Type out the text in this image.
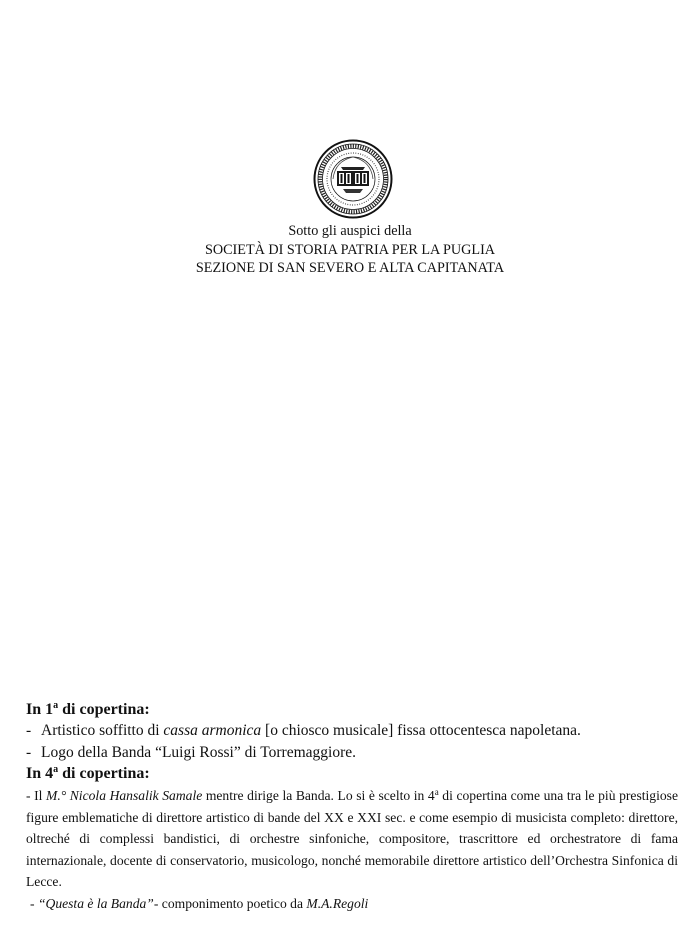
Sotto gli auspici della
SOCIETÀ DI STORIA PATRIA PER LA PUGLIA
SEZIONE DI SAN SEVERO E ALTA CAPITANATA

In 1$^a$ di copertina:

- Artistico soffitto di cassa armonica [o chiosco musicale] fissa ottocentesca napoletana.

- Logo della Banda “Luigi Rossi” di Torremaggiore.

In 4$^a$ di copertina:

- Il M.° Nicola Hansalik Samale mentre dirige la Banda. Lo si è scelto in 4$^a$ di copertina come una tra le più prestigiose figure emblematiche di direttore artistico di bande del XX e XXI sec. e come esempio di musicista completo: direttore, oltreché di complessi bandistici, di orchestre sinfoniche, compositore, trascrittore ed orchestratore di fama internazionale, docente di conservatorio, musicologo, nonché memorabile direttore artistico dell’Orchestra Sinfonica di Lecce.

- “Questa è la Banda”- componimento poetico da M.A.Regoli
